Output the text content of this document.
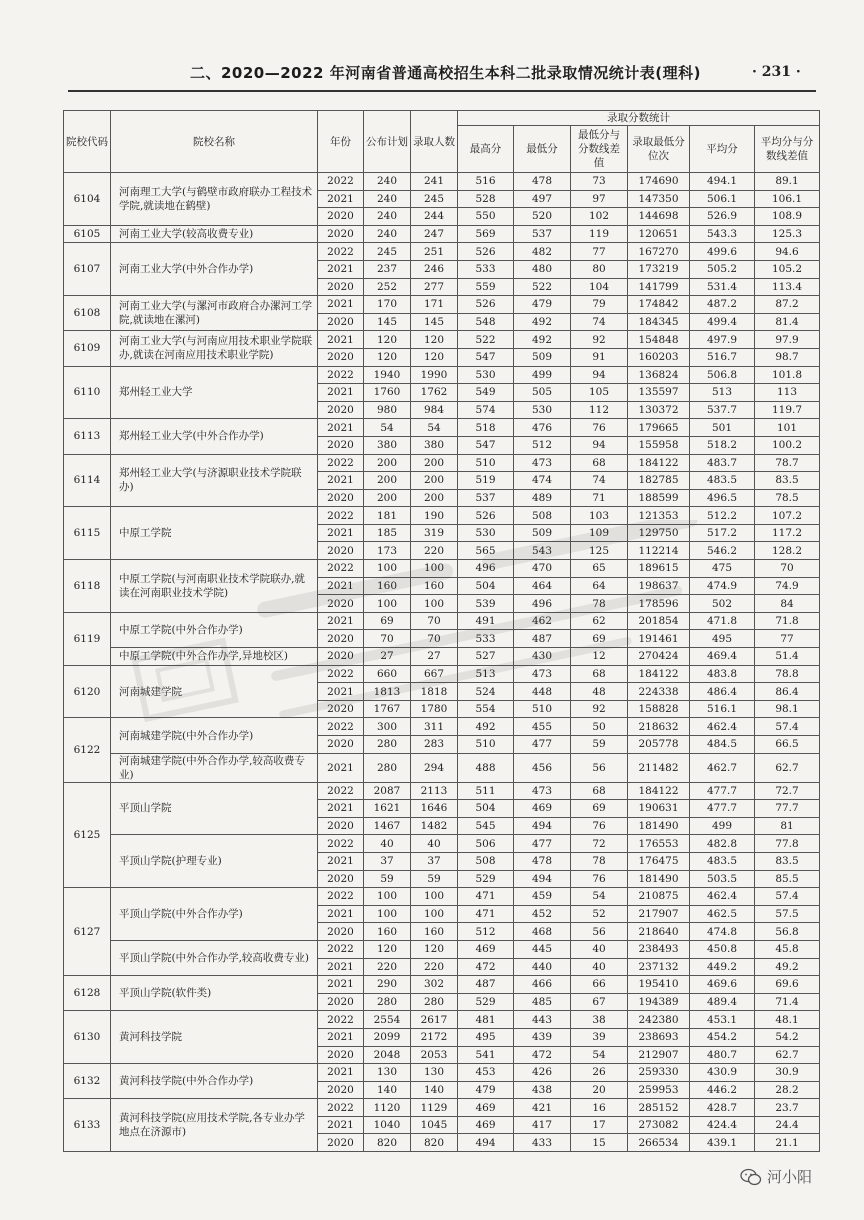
二、2020—2022 年河南省普通高校招生本科二批录取情况统计表(理科)	· 231 ·
院校代码	院校名称	年份	公布计划	录取人数	录取分数统计					
					最高分	最低分	最低分与分数线差值	录取最低分位次	平均分	平均分与分数线差值
6104	河南理工大学(与鹤壁市政府联办工程技术学院,就读地在鹤壁)	2022	240	241	516	478	73	174690	494.1	89.1
		2021	240	245	528	497	97	147350	506.1	106.1
		2020	240	244	550	520	102	144698	526.9	108.9
6105	河南工业大学(较高收费专业)	2020	240	247	569	537	119	120651	543.3	125.3
6107	河南工业大学(中外合作办学)	2022	245	251	526	482	77	167270	499.6	94.6
		2021	237	246	533	480	80	173219	505.2	105.2
		2020	252	277	559	522	104	141799	531.4	113.4
6108	河南工业大学(与漯河市政府合办漯河工学院,就读地在漯河)	2021	170	171	526	479	79	174842	487.2	87.2
		2020	145	145	548	492	74	184345	499.4	81.4
6109	河南工业大学(与河南应用技术职业学院联办,就读在河南应用技术职业学院)	2021	120	120	522	492	92	154848	497.9	97.9
		2020	120	120	547	509	91	160203	516.7	98.7
6110	郑州轻工业大学	2022	1940	1990	530	499	94	136824	506.8	101.8
		2021	1760	1762	549	505	105	135597	513	113
		2020	980	984	574	530	112	130372	537.7	119.7
6113	郑州轻工业大学(中外合作办学)	2021	54	54	518	476	76	179665	501	101
		2020	380	380	547	512	94	155958	518.2	100.2
6114	郑州轻工业大学(与济源职业技术学院联办)	2022	200	200	510	473	68	184122	483.7	78.7
		2021	200	200	519	474	74	182785	483.5	83.5
		2020	200	200	537	489	71	188599	496.5	78.5
6115	中原工学院	2022	181	190	526	508	103	121353	512.2	107.2
		2021	185	319	530	509	109	129750	517.2	117.2
		2020	173	220	565	543	125	112214	546.2	128.2
6118	中原工学院(与河南职业技术学院联办,就读在河南职业技术学院)	2022	100	100	496	470	65	189615	475	70
		2021	160	160	504	464	64	198637	474.9	74.9
		2020	100	100	539	496	78	178596	502	84
6119	中原工学院(中外合作办学)	2021	69	70	491	462	62	201854	471.8	71.8
		2020	70	70	533	487	69	191461	495	77
	中原工学院(中外合作办学,异地校区)	2020	27	27	527	430	12	270424	469.4	51.4
6120	河南城建学院	2022	660	667	513	473	68	184122	483.8	78.8
		2021	1813	1818	524	448	48	224338	486.4	86.4
		2020	1767	1780	554	510	92	158828	516.1	98.1
6122	河南城建学院(中外合作办学)	2022	300	311	492	455	50	218632	462.4	57.4
		2020	280	283	510	477	59	205778	484.5	66.5
	河南城建学院(中外合作办学,较高收费专业)	2021	280	294	488	456	56	211482	462.7	62.7
6125	平顶山学院	2022	2087	2113	511	473	68	184122	477.7	72.7
		2021	1621	1646	504	469	69	190631	477.7	77.7
		2020	1467	1482	545	494	76	181490	499	81
	平顶山学院(护理专业)	2022	40	40	506	477	72	176553	482.8	77.8
		2021	37	37	508	478	78	176475	483.5	83.5
		2020	59	59	529	494	76	181490	503.5	85.5
6127	平顶山学院(中外合作办学)	2022	100	100	471	459	54	210875	462.4	57.4
		2021	100	100	471	452	52	217907	462.5	57.5
		2020	160	160	512	468	56	218640	474.8	56.8
	平顶山学院(中外合作办学,较高收费专业)	2022	120	120	469	445	40	238493	450.8	45.8
		2021	220	220	472	440	40	237132	449.2	49.2
6128	平顶山学院(软件类)	2021	290	302	487	466	66	195410	469.6	69.6
		2020	280	280	529	485	67	194389	489.4	71.4
6130	黄河科技学院	2022	2554	2617	481	443	38	242380	453.1	48.1
		2021	2099	2172	495	439	39	238693	454.2	54.2
		2020	2048	2053	541	472	54	212907	480.7	62.7
6132	黄河科技学院(中外合作办学)	2021	130	130	453	426	26	259330	430.9	30.9
		2020	140	140	479	438	20	259953	446.2	28.2
6133	黄河科技学院(应用技术学院,各专业办学地点在济源市)	2022	1120	1129	469	421	16	285152	428.7	23.7
		2021	1040	1045	469	417	17	273082	424.4	24.4
		2020	820	820	494	433	15	266534	439.1	21.1
河小阳
